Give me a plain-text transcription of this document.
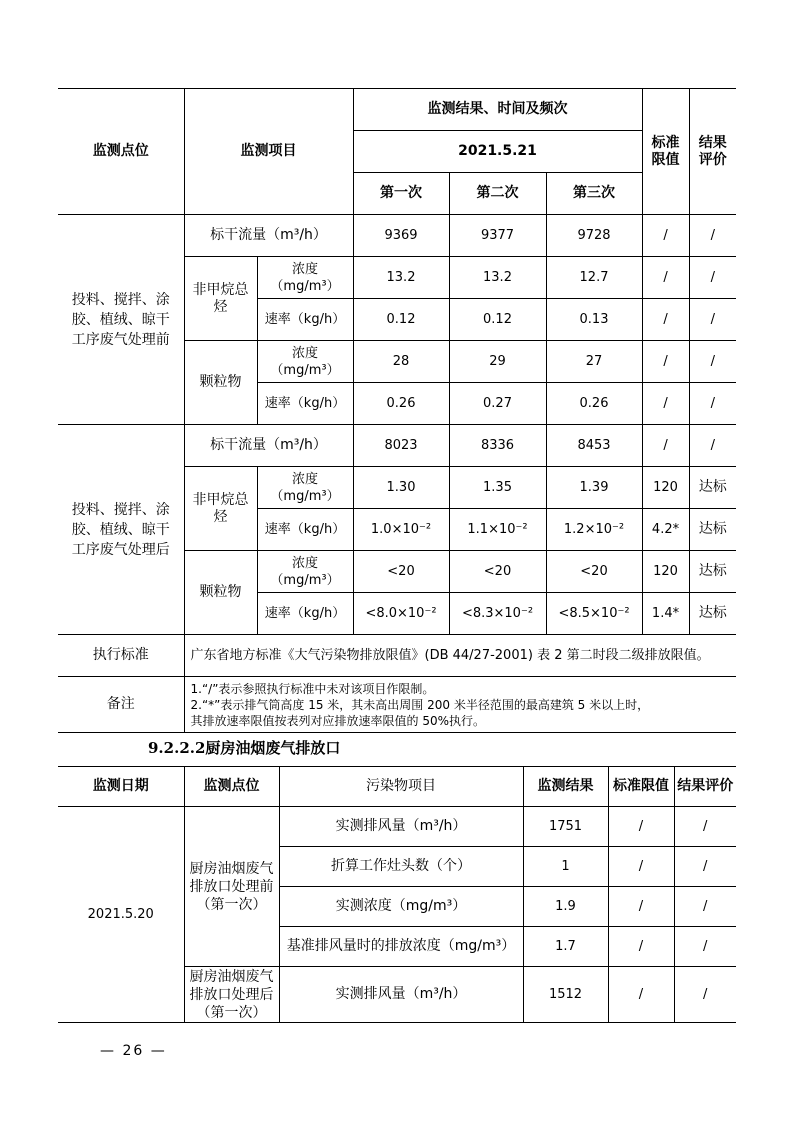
监测点位	监测项目		监测结果、时间及频次			标准限值	结果评价
			2021.5.21				
			第一次	第二次	第三次		
投料、搅拌、涂胶、植绒、晾干工序废气处理前	标干流量（m³/h）		9369	9377	9728	/	/
	非甲烷总烃	浓度（mg/m³）	13.2	13.2	12.7	/	/
		速率（kg/h）	0.12	0.12	0.13	/	/
	颗粒物	浓度（mg/m³）	28	29	27	/	/
		速率（kg/h）	0.26	0.27	0.26	/	/
投料、搅拌、涂胶、植绒、晾干工序废气处理后	标干流量（m³/h）		8023	8336	8453	/	/
	非甲烷总烃	浓度（mg/m³）	1.30	1.35	1.39	120	达标
		速率（kg/h）	1.0×10⁻²	1.1×10⁻²	1.2×10⁻²	4.2*	达标
	颗粒物	浓度（mg/m³）	<20	<20	<20	120	达标
		速率（kg/h）	<8.0×10⁻²	<8.3×10⁻²	<8.5×10⁻²	1.4*	达标
执行标准	广东省地方标准《大气污染物排放限值》(DB 44/27-2001) 表 2 第二时段二级排放限值。						
备注	1.“/”表示参照执行标准中未对该项目作限制。
2.“*”表示排气筒高度 15 米，其未高出周围 200 米半径范围的最高建筑 5 米以上时，
其排放速率限值按表列对应排放速率限值的 50%执行。						
9.2.2.2厨房油烟废气排放口
监测日期	监测点位	污染物项目	监测结果	标准限值	结果评价
2021.5.20	厨房油烟废气排放口处理前（第一次）	实测排风量（m³/h）	1751	/	/
		折算工作灶头数（个）	1	/	/
		实测浓度（mg/m³）	1.9	/	/
		基准排风量时的排放浓度（mg/m³）	1.7	/	/
	厨房油烟废气排放口处理后（第一次）	实测排风量（m³/h）	1512	/	/
— 26 —
